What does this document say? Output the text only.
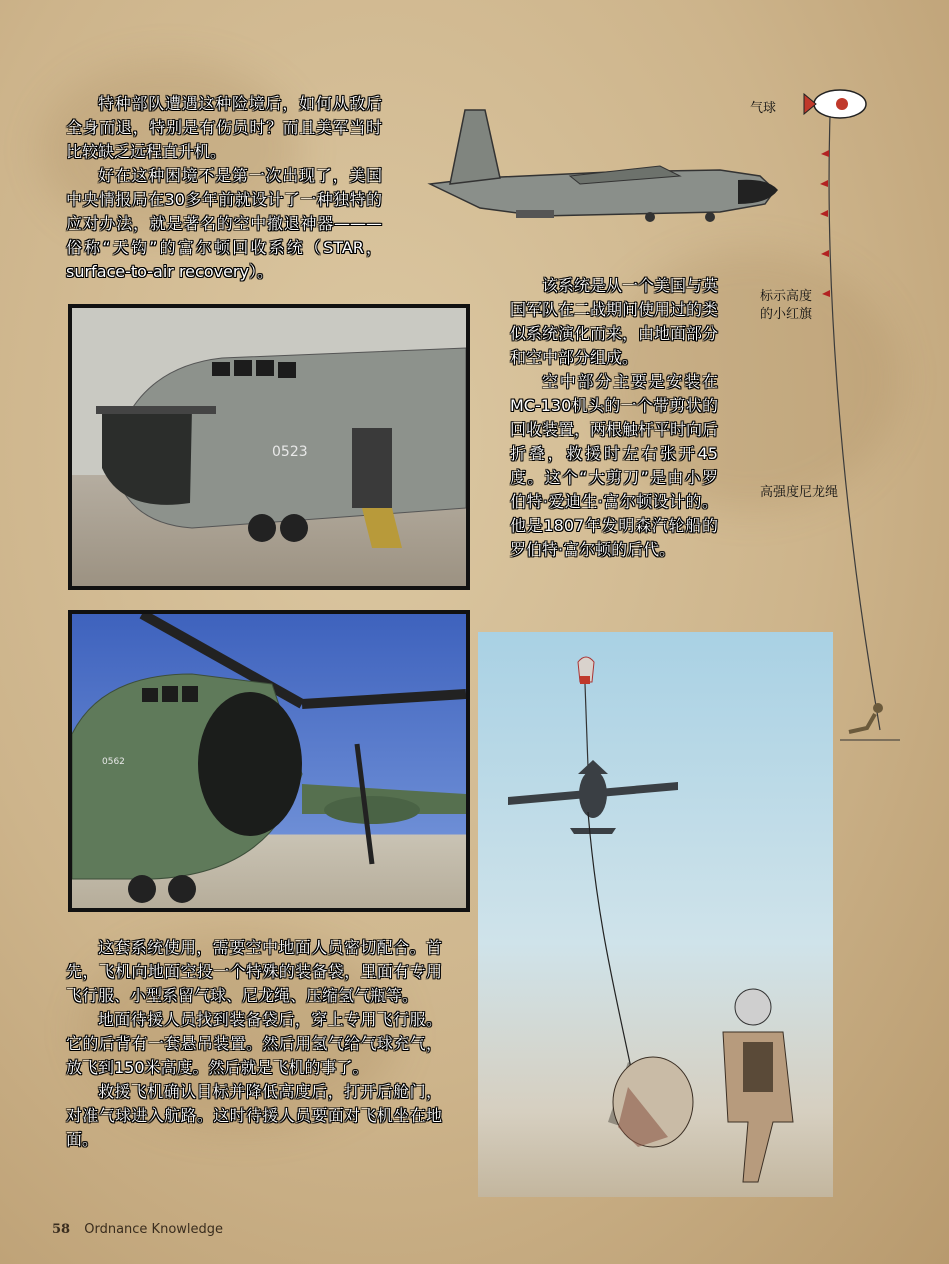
特种部队遭遇这种险境后，如何从敌后全身而退，特别是有伤员时？而且美军当时比较缺乏远程直升机。

好在这种困境不是第一次出现了，美国中央情报局在30多年前就设计了一种独特的应对办法，就是著名的空中撤退神器———俗称“天钩”的富尔顿回收系统（STAR，surface-to-air recovery）。

气球
标示高度
的小红旗
高强度尼龙绳
0523
0562

该系统是从一个美国与英国军队在二战期间使用过的类似系统演化而来，由地面部分和空中部分组成。

空中部分主要是安装在MC-130机头的一个带剪状的回收装置，两根触杆平时向后折叠，救援时左右张开45度。这个“大剪刀”是由小罗伯特·爱迪生·富尔顿设计的。他是1807年发明森汽轮船的罗伯特·富尔顿的后代。

这套系统使用，需要空中地面人员密切配合。首先，飞机向地面空投一个特殊的装备袋，里面有专用飞行服、小型系留气球、尼龙绳、压缩氢气瓶等。

地面待援人员找到装备袋后，穿上专用飞行服。它的后背有一套悬吊装置。然后用氢气给气球充气，放飞到150米高度。然后就是飞机的事了。

救援飞机确认目标并降低高度后，打开后舱门，对准气球进入航路。这时待援人员要面对飞机坐在地面。

58 Ordnance Knowledge
